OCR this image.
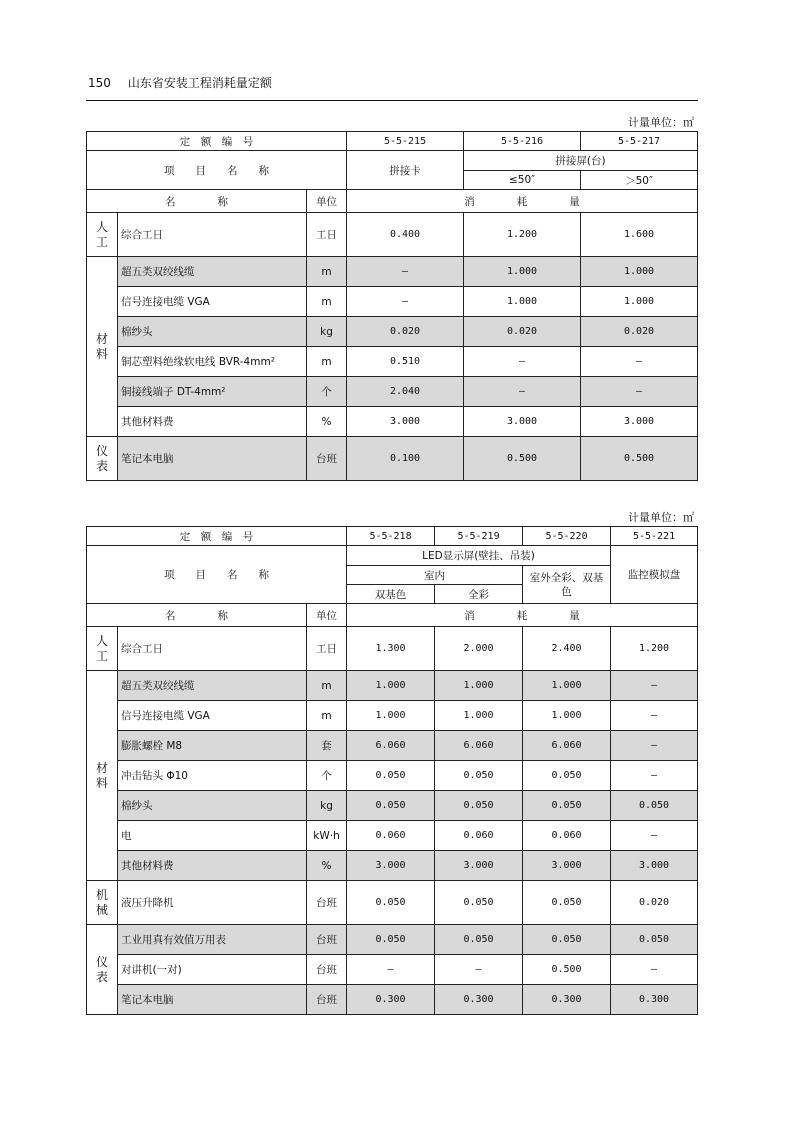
150 山东省安装工程消耗量定额
计量单位：㎡
定　额　编　号			5-5-215	5-5-216	5-5-217
项　　目　　名　　称			拼接卡	拼接屏(台)	
				≤50″	＞50″
名　　　　称		单位	消　　　　耗　　　　量		
人
工	综合工日	工日	0.400	1.200	1.600
材
料	超五类双绞线缆	m	—	1.000	1.000
	信号连接电缆 VGA	m	—	1.000	1.000
	棉纱头	kg	0.020	0.020	0.020
	铜芯塑料绝缘软电线 BVR-4mm²	m	0.510	—	—
	铜接线端子 DT-4mm²	个	2.040	—	—
	其他材料费	%	3.000	3.000	3.000
仪
表	笔记本电脑	台班	0.100	0.500	0.500
计量单位：㎡
定　额　编　号			5-5-218	5-5-219	5-5-220	5-5-221
项　　目　　名　　称			LED显示屏(壁挂、吊装)			监控模拟盘
			室内		室外全彩、双基色	
			双基色	全彩		
名　　　　称		单位	消　　　　耗　　　　量			
人
工	综合工日	工日	1.300	2.000	2.400	1.200
材
料	超五类双绞线缆	m	1.000	1.000	1.000	—
	信号连接电缆 VGA	m	1.000	1.000	1.000	—
	膨胀螺栓 M8	套	6.060	6.060	6.060	—
	冲击钻头 Φ10	个	0.050	0.050	0.050	—
	棉纱头	kg	0.050	0.050	0.050	0.050
	电	kW·h	0.060	0.060	0.060	—
	其他材料费	%	3.000	3.000	3.000	3.000
机
械	液压升降机	台班	0.050	0.050	0.050	0.020
仪
表	工业用真有效值万用表	台班	0.050	0.050	0.050	0.050
	对讲机(一对)	台班	—	—	0.500	—
	笔记本电脑	台班	0.300	0.300	0.300	0.300
